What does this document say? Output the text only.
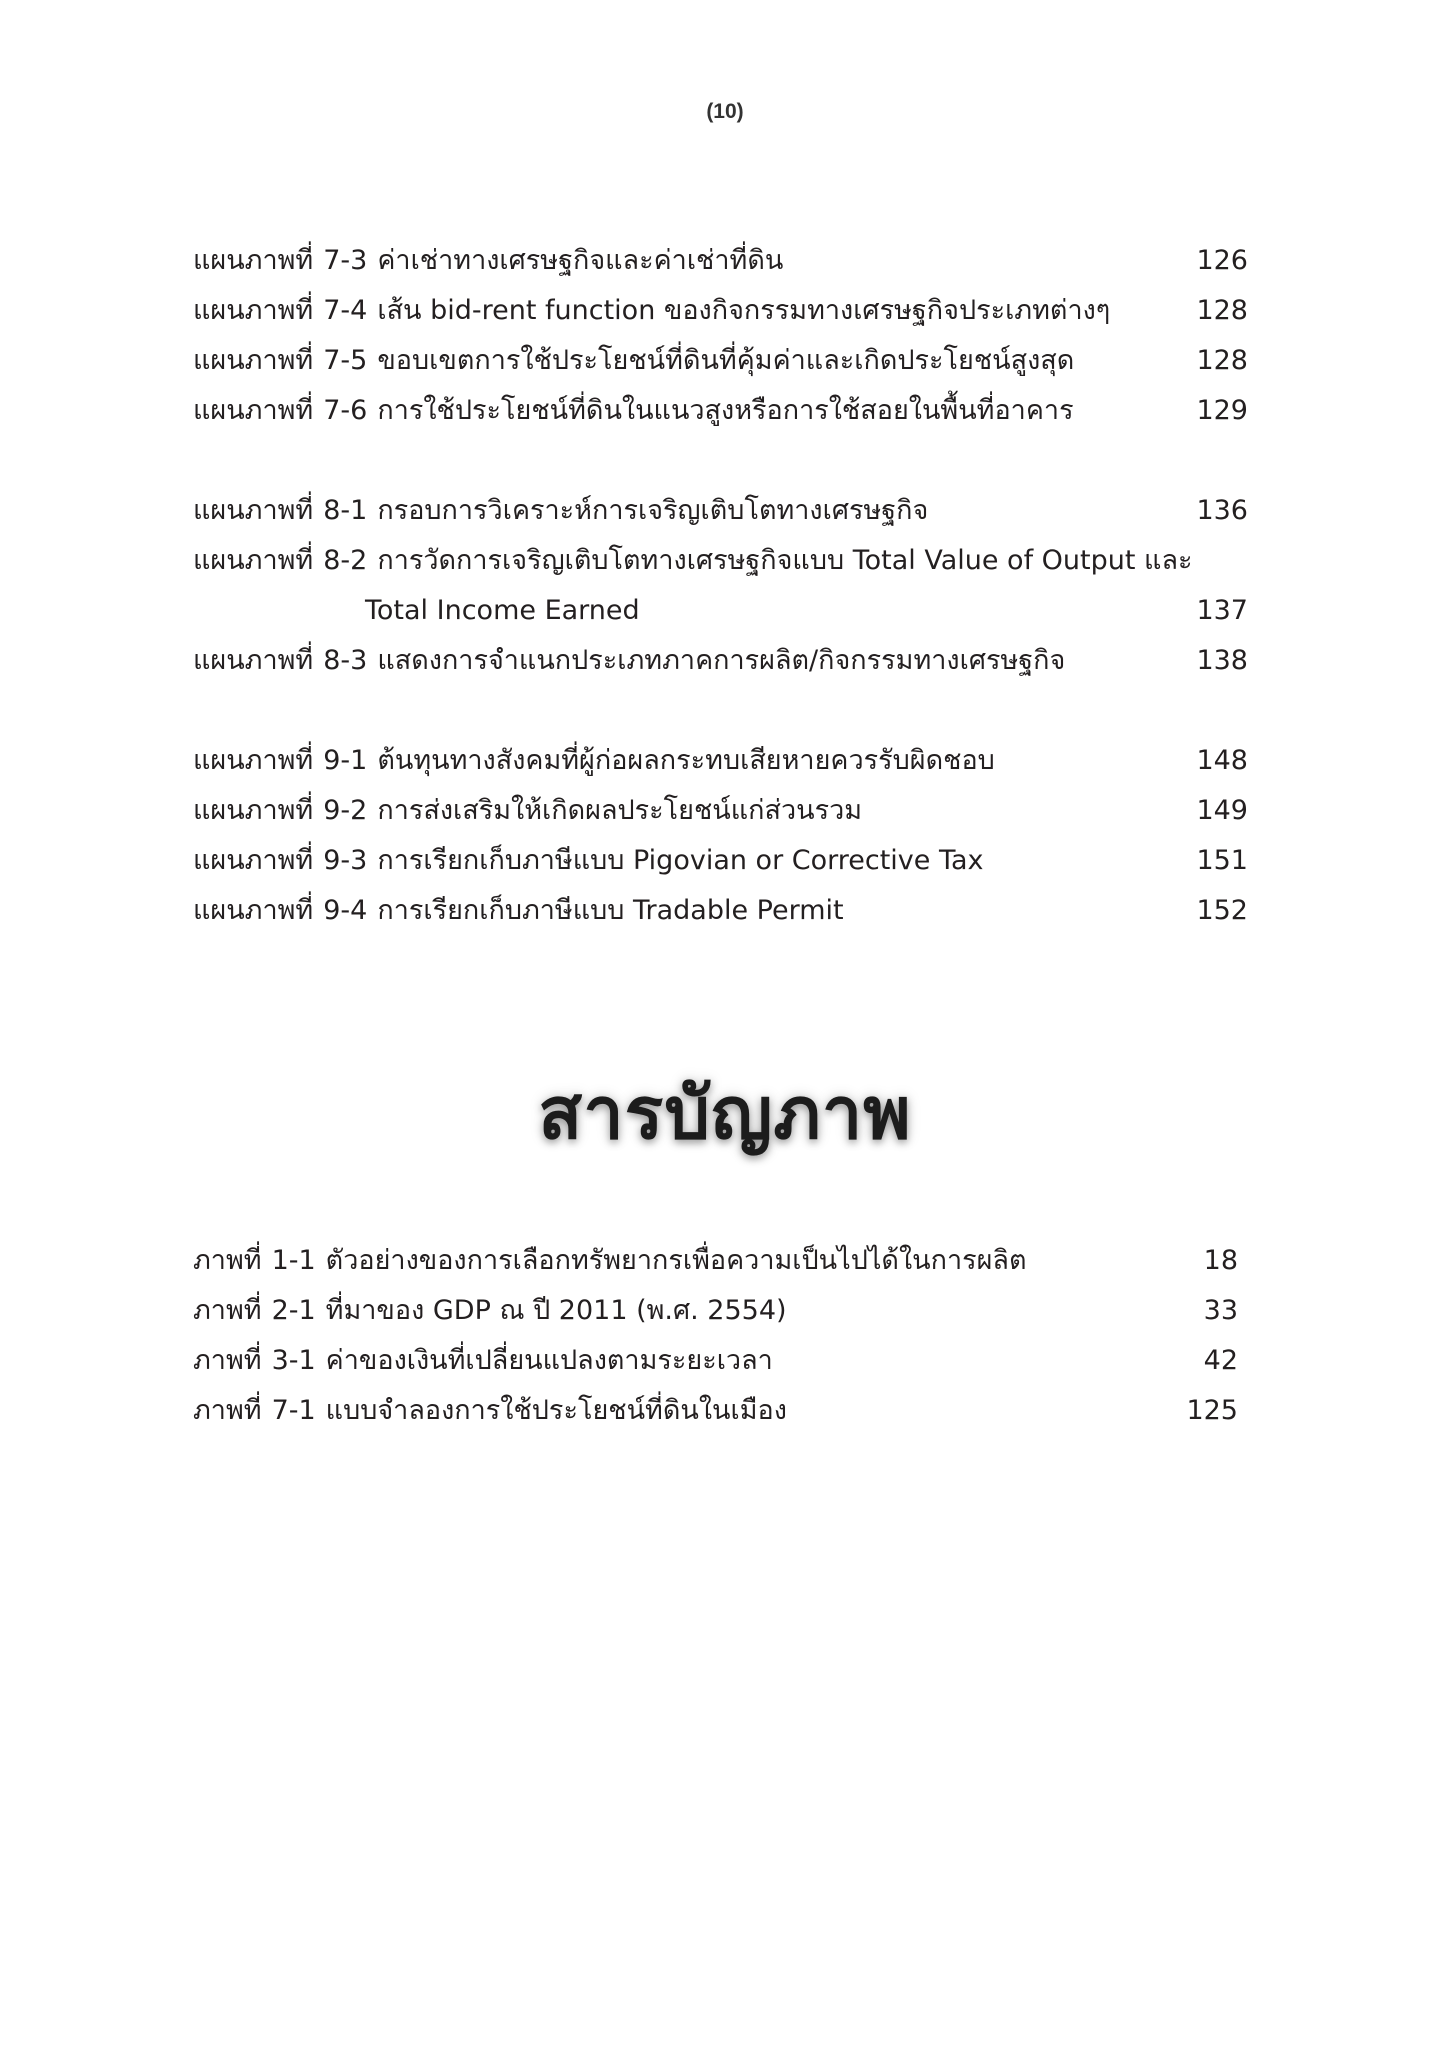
(10)
แผนภาพที่ 7-3 ค่าเช่าทางเศรษฐกิจและค่าเช่าที่ดิน	126
แผนภาพที่ 7-4 เส้น bid-rent function ของกิจกรรมทางเศรษฐกิจประเภทต่างๆ	128
แผนภาพที่ 7-5 ขอบเขตการใช้ประโยชน์ที่ดินที่คุ้มค่าและเกิดประโยชน์สูงสุด	128
แผนภาพที่ 7-6 การใช้ประโยชน์ที่ดินในแนวสูงหรือการใช้สอยในพื้นที่อาคาร	129
แผนภาพที่ 8-1 กรอบการวิเคราะห์การเจริญเติบโตทางเศรษฐกิจ	136
แผนภาพที่ 8-2 การวัดการเจริญเติบโตทางเศรษฐกิจแบบ Total Value of Output และ
Total Income Earned	137
แผนภาพที่ 8-3 แสดงการจำแนกประเภทภาคการผลิต/กิจกรรมทางเศรษฐกิจ	138
แผนภาพที่ 9-1 ต้นทุนทางสังคมที่ผู้ก่อผลกระทบเสียหายควรรับผิดชอบ	148
แผนภาพที่ 9-2 การส่งเสริมให้เกิดผลประโยชน์แก่ส่วนรวม	149
แผนภาพที่ 9-3 การเรียกเก็บภาษีแบบ Pigovian or Corrective Tax	151
แผนภาพที่ 9-4 การเรียกเก็บภาษีแบบ Tradable Permit	152
สารบัญภาพ
ภาพที่ 1-1 ตัวอย่างของการเลือกทรัพยากรเพื่อความเป็นไปได้ในการผลิต	18
ภาพที่ 2-1 ที่มาของ GDP ณ ปี 2011 (พ.ศ. 2554)	33
ภาพที่ 3-1 ค่าของเงินที่เปลี่ยนแปลงตามระยะเวลา	42
ภาพที่ 7-1 แบบจำลองการใช้ประโยชน์ที่ดินในเมือง	125
